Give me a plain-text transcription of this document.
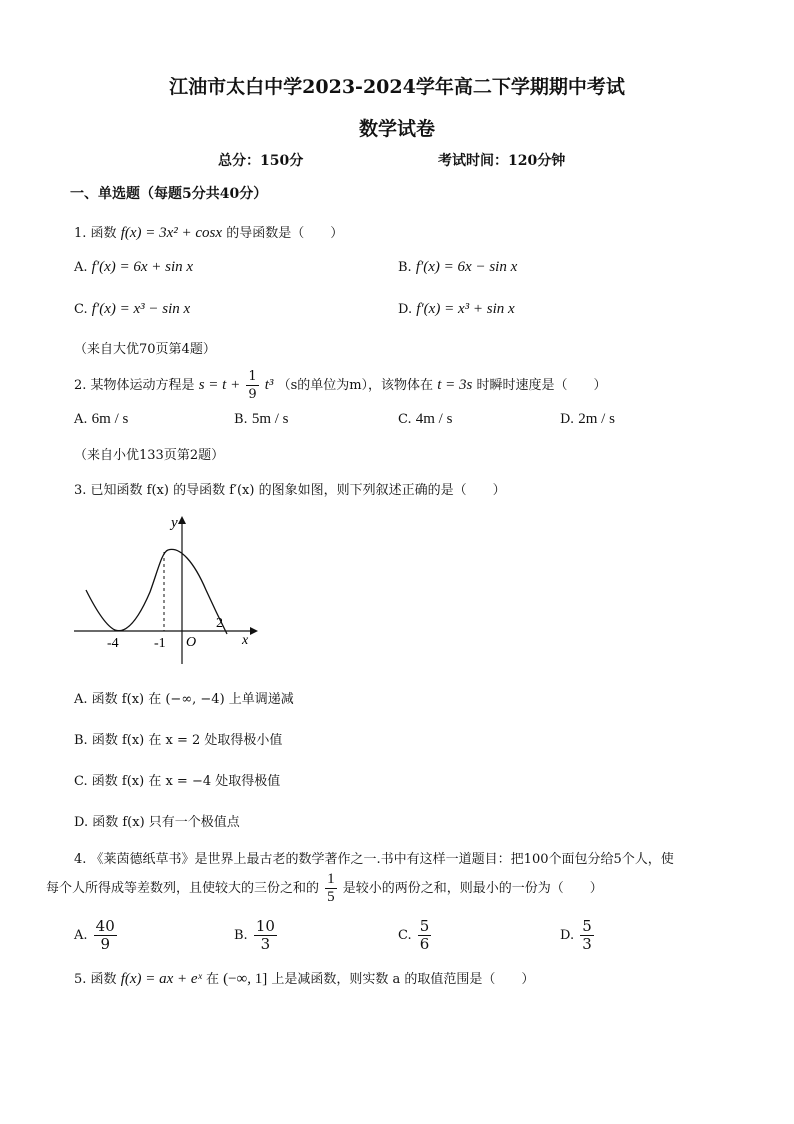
江油市太白中学2023-2024学年高二下学期期中考试
数学试卷
总分：150分	考试时间：120分钟
一、单选题（每题5分共40分）
1. 函数 f(x) = 3x² + cosx 的导函数是（　　）
A. f′(x) = 6x + sin x	B. f′(x) = 6x − sin x
C. f′(x) = x³ − sin x	D. f′(x) = x³ + sin x
（来自大优70页第4题）
2. 某物体运动方程是 $s = t + \frac{1}{9} t^3$ （s的单位为m），该物体在 t = 3s 时瞬时速度是（　　）
A. 6m / s	B. 5m / s	C. 4m / s	D. 2m / s
（来自小优133页第2题）
3. 已知函数 f(x) 的导函数 f′(x) 的图象如图，则下列叙述正确的是（　　）
y
x
O
-4	-1
2
A. 函数 f(x) 在 (−∞, −4) 上单调递减
B. 函数 f(x) 在 x = 2 处取得极小值
C. 函数 f(x) 在 x = −4 处取得极值
D. 函数 f(x) 只有一个极值点
4. 《莱茵德纸草书》是世界上最古老的数学著作之一.书中有这样一道题目：把100个面包分给5个人，使
每个人所得成等差数列，且使较大的三份之和的 $\frac{1}{5}$ 是较小的两份之和，则最小的一份为（　　）
A. $\frac{40}{9}$	B. $\frac{10}{3}$	C. $\frac{5}{6}$	D. $\frac{5}{3}$
5. 函数 f(x) = ax + eˣ 在 (−∞, 1] 上是减函数，则实数 a 的取值范围是（　　）
